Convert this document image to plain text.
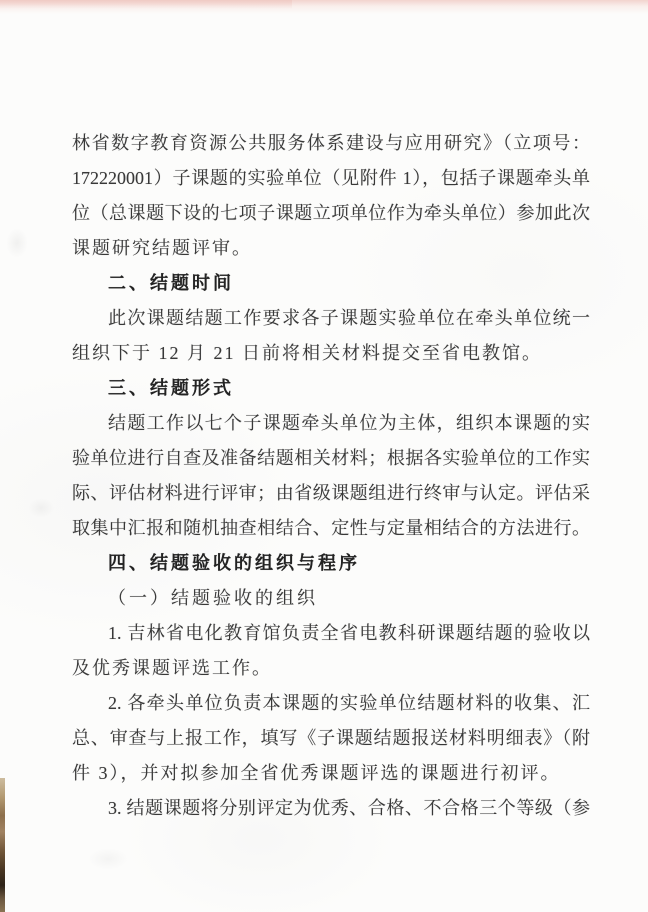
林省数字教育资源公共服务体系建设与应用研究》（立项号：
172220001）子课题的实验单位（见附件 1），包括子课题牵头单
位（总课题下设的七项子课题立项单位作为牵头单位）参加此次
课题研究结题评审。
二、结题时间
此次课题结题工作要求各子课题实验单位在牵头单位统一
组织下于 12 月 21 日前将相关材料提交至省电教馆。
三、结题形式
结题工作以七个子课题牵头单位为主体，组织本课题的实
验单位进行自查及准备结题相关材料；根据各实验单位的工作实
际、评估材料进行评审；由省级课题组进行终审与认定。评估采
取集中汇报和随机抽查相结合、定性与定量相结合的方法进行。
四、结题验收的组织与程序
（一）结题验收的组织
1. 吉林省电化教育馆负责全省电教科研课题结题的验收以
及优秀课题评选工作。
2. 各牵头单位负责本课题的实验单位结题材料的收集、汇
总、审查与上报工作，填写《子课题结题报送材料明细表》（附
件 3），并对拟参加全省优秀课题评选的课题进行初评。
3. 结题课题将分别评定为优秀、合格、不合格三个等级（参
